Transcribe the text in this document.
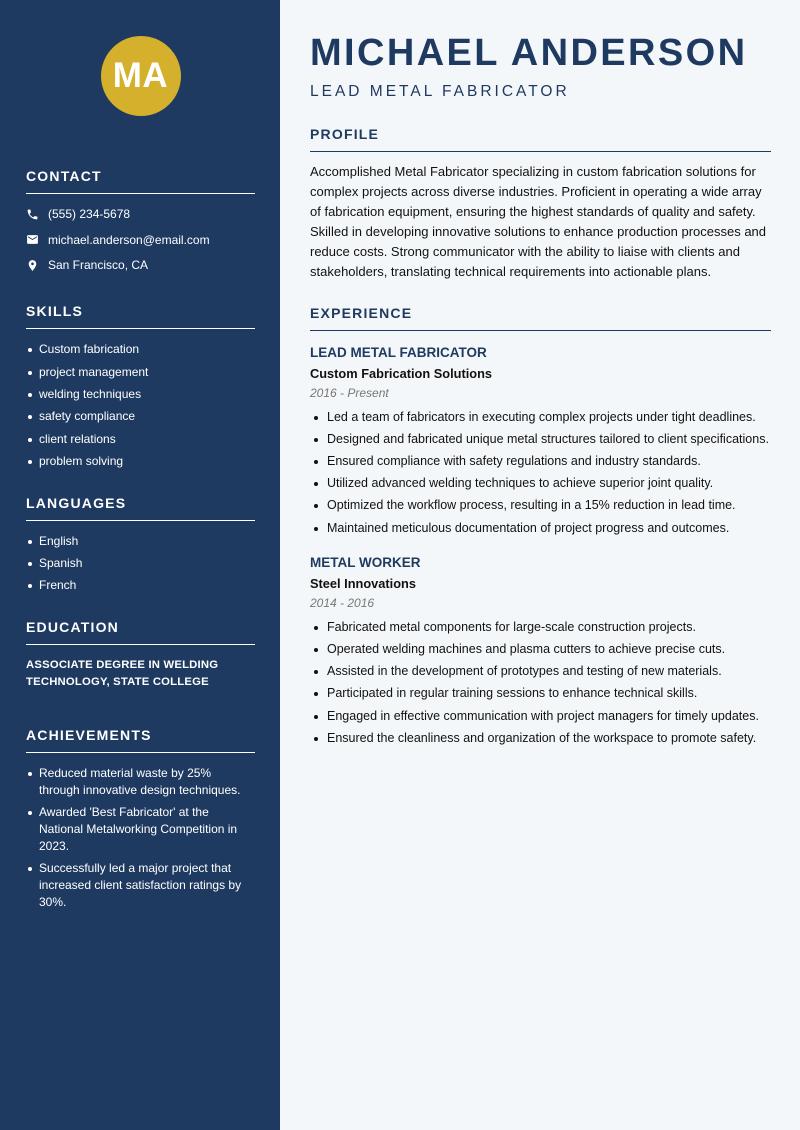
MA
CONTACT
(555) 234-5678
michael.anderson@email.com
San Francisco, CA
SKILLS
Custom fabrication
project management
welding techniques
safety compliance
client relations
problem solving
LANGUAGES
English
Spanish
French
EDUCATION
ASSOCIATE DEGREE IN WELDING TECHNOLOGY, STATE COLLEGE
ACHIEVEMENTS
Reduced material waste by 25% through innovative design techniques.
Awarded 'Best Fabricator' at the National Metalworking Competition in 2023.
Successfully led a major project that increased client satisfaction ratings by 30%.
MICHAEL ANDERSON
LEAD METAL FABRICATOR
PROFILE
Accomplished Metal Fabricator specializing in custom fabrication solutions for complex projects across diverse industries. Proficient in operating a wide array of fabrication equipment, ensuring the highest standards of quality and safety. Skilled in developing innovative solutions to enhance production processes and reduce costs. Strong communicator with the ability to liaise with clients and stakeholders, translating technical requirements into actionable plans.
EXPERIENCE
LEAD METAL FABRICATOR
Custom Fabrication Solutions
2016 - Present
Led a team of fabricators in executing complex projects under tight deadlines.
Designed and fabricated unique metal structures tailored to client specifications.
Ensured compliance with safety regulations and industry standards.
Utilized advanced welding techniques to achieve superior joint quality.
Optimized the workflow process, resulting in a 15% reduction in lead time.
Maintained meticulous documentation of project progress and outcomes.
METAL WORKER
Steel Innovations
2014 - 2016
Fabricated metal components for large-scale construction projects.
Operated welding machines and plasma cutters to achieve precise cuts.
Assisted in the development of prototypes and testing of new materials.
Participated in regular training sessions to enhance technical skills.
Engaged in effective communication with project managers for timely updates.
Ensured the cleanliness and organization of the workspace to promote safety.
